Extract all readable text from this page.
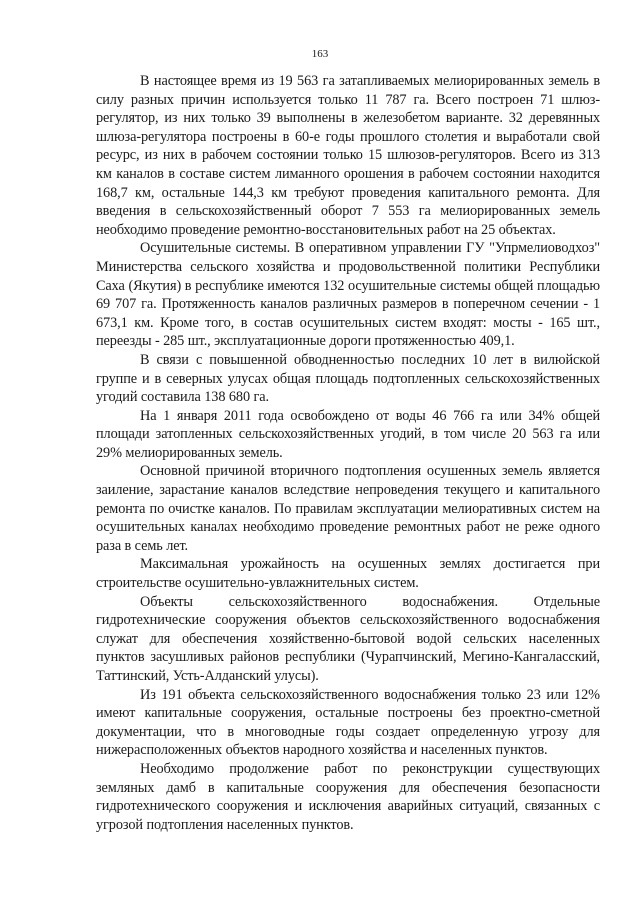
163

В настоящее время из 19 563 га затапливаемых мелиорированных земель в силу разных причин используется только 11 787 га. Всего построен 71 шлюз-регулятор, из них только 39 выполнены в железобетом варианте. 32 деревянных шлюза-регулятора построены в 60-е годы прошлого столетия и выработали свой ресурс, из них в рабочем состоянии только 15 шлюзов-регуляторов. Всего из 313 км каналов в составе систем лиманного орошения в рабочем состоянии находится 168,7 км, остальные 144,3 км требуют проведения капитального ремонта. Для введения в сельскохозяйственный оборот 7 553 га мелиорированных земель необходимо проведение ремонтно-восстановительных работ на 25 объектах.

Осушительные системы. В оперативном управлении ГУ "Упрмелиоводхоз" Министерства сельского хозяйства и продовольственной политики Республики Саха (Якутия) в республике имеются 132 осушительные системы общей площадью 69 707 га. Протяженность каналов различных размеров в поперечном сечении - 1 673,1 км. Кроме того, в состав осушительных систем входят: мосты - 165 шт., переезды - 285 шт., эксплуатационные дороги протяженностью 409,1.

В связи с повышенной обводненностью последних 10 лет в вилюйской группе и в северных улусах общая площадь подтопленных сельскохозяйственных угодий составила 138 680 га.

На 1 января 2011 года освобождено от воды 46 766 га или 34% общей площади затопленных сельскохозяйственных угодий, в том числе 20 563 га или 29% мелиорированных земель.

Основной причиной вторичного подтопления осушенных земель является заиление, зарастание каналов вследствие непроведения текущего и капитального ремонта по очистке каналов. По правилам эксплуатации мелиоративных систем на осушительных каналах необходимо проведение ремонтных работ не реже одного раза в семь лет.

Максимальная урожайность на осушенных землях достигается при строительстве осушительно-увлажнительных систем.

Объекты сельскохозяйственного водоснабжения. Отдельные гидротехнические сооружения объектов сельскохозяйственного водоснабжения служат для обеспечения хозяйственно-бытовой водой сельских населенных пунктов засушливых районов республики (Чурапчинский, Мегино-Кангаласский, Таттинский, Усть-Алданский улусы).

Из 191 объекта сельскохозяйственного водоснабжения только 23 или 12% имеют капитальные сооружения, остальные построены без проектно-сметной документации, что в многоводные годы создает определенную угрозу для нижерасположенных объектов народного хозяйства и населенных пунктов.

Необходимо продолжение работ по реконструкции существующих земляных дамб в капитальные сооружения для обеспечения безопасности гидротехнического сооружения и исключения аварийных ситуаций, связанных с угрозой подтопления населенных пунктов.
